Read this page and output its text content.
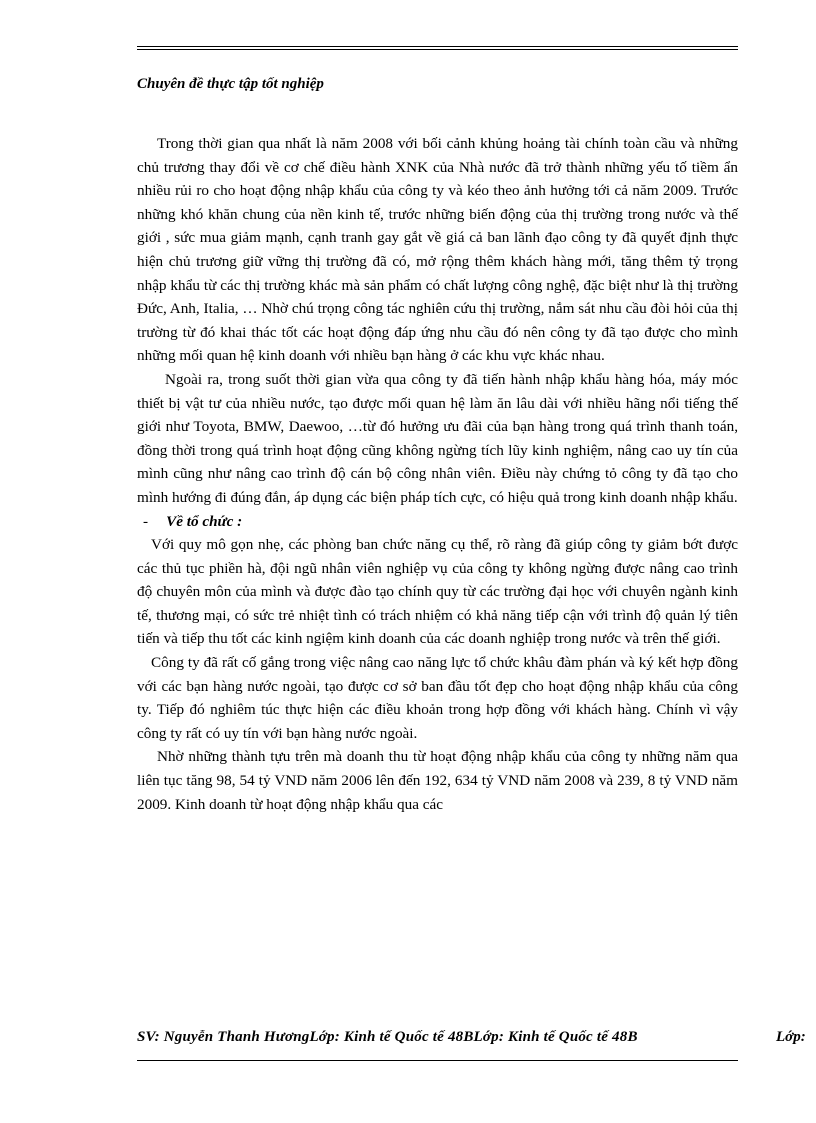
Chuyên đề thực tập tốt nghiệp

Trong thời gian qua nhất là năm 2008 với bối cảnh khủng hoảng tài chính toàn cầu và những chủ trương thay đổi về cơ chế điều hành XNK của Nhà nước đã trở thành những yếu tố tiềm ẩn nhiều rủi ro cho hoạt động nhập khẩu của công ty và kéo theo ảnh hưởng tới cả năm 2009. Trước những khó khăn chung của nền kinh tế, trước những biến động của thị trường trong nước và thế giới , sức mua giảm mạnh, cạnh tranh gay gắt về giá cả ban lãnh đạo công ty đã quyết định thực hiện chủ trương giữ vững thị trường đã có, mở rộng thêm khách hàng mới, tăng thêm tỷ trọng nhập khẩu từ các thị trường khác mà sản phẩm có chất lượng công nghệ, đặc biệt như là thị trường Đức, Anh, Italia, … Nhờ chú trọng công tác nghiên cứu thị trường, nắm sát nhu cầu đòi hỏi của thị trường từ đó khai thác tốt các hoạt động đáp ứng nhu cầu đó nên công ty đã tạo được cho mình những mối quan hệ kinh doanh với nhiều bạn hàng ở các khu vực khác nhau.

Ngoài ra, trong suốt thời gian vừa qua công ty đã tiến hành nhập khẩu hàng hóa, máy móc thiết bị vật tư của nhiều nước, tạo được mối quan hệ làm ăn lâu dài với nhiều hãng nổi tiếng thế giới như Toyota, BMW, Daewoo, …từ đó hưởng ưu đãi của bạn hàng trong quá trình thanh toán, đồng thời trong quá trình hoạt động cũng không ngừng tích lũy kinh nghiệm, nâng cao uy tín của mình cũng như nâng cao trình độ cán bộ công nhân viên. Điều này chứng tỏ công ty đã tạo cho mình hướng đi đúng đắn, áp dụng các biện pháp tích cực, có hiệu quả trong kinh doanh nhập khẩu.

- Về tổ chức :

Với quy mô gọn nhẹ, các phòng ban chức năng cụ thể, rõ ràng đã giúp công ty giảm bớt được các thủ tục phiền hà, đội ngũ nhân viên nghiệp vụ của công ty không ngừng được nâng cao trình độ chuyên môn của mình và được đào tạo chính quy từ các trường đại học với chuyên ngành kinh tế, thương mại, có sức trẻ nhiệt tình có trách nhiệm có khả năng tiếp cận với trình độ quản lý tiên tiến và tiếp thu tốt các kinh ngiệm kinh doanh của các doanh nghiệp trong nước và trên thế giới.

Công ty đã rất cố gắng trong việc nâng cao năng lực tổ chức khâu đàm phán và ký kết hợp đồng với các bạn hàng nước ngoài, tạo được cơ sở ban đầu tốt đẹp cho hoạt động nhập khẩu của công ty. Tiếp đó nghiêm túc thực hiện các điều khoản trong hợp đồng với khách hàng. Chính vì vậy công ty rất có uy tín với bạn hàng nước ngoài.

Nhờ những thành tựu trên mà doanh thu từ hoạt động nhập khẩu của công ty những năm qua liên tục tăng 98, 54 tỷ VND năm 2006 lên đến 192, 634 tỷ VND năm 2008 và 239, 8 tỷ VND năm 2009. Kinh doanh từ hoạt động nhập khẩu qua các

SV: Nguyễn Thanh HươngLớp: Kinh tế Quốc tế 48BLớp: Kinh tế Quốc tế 48B	Lớp:
